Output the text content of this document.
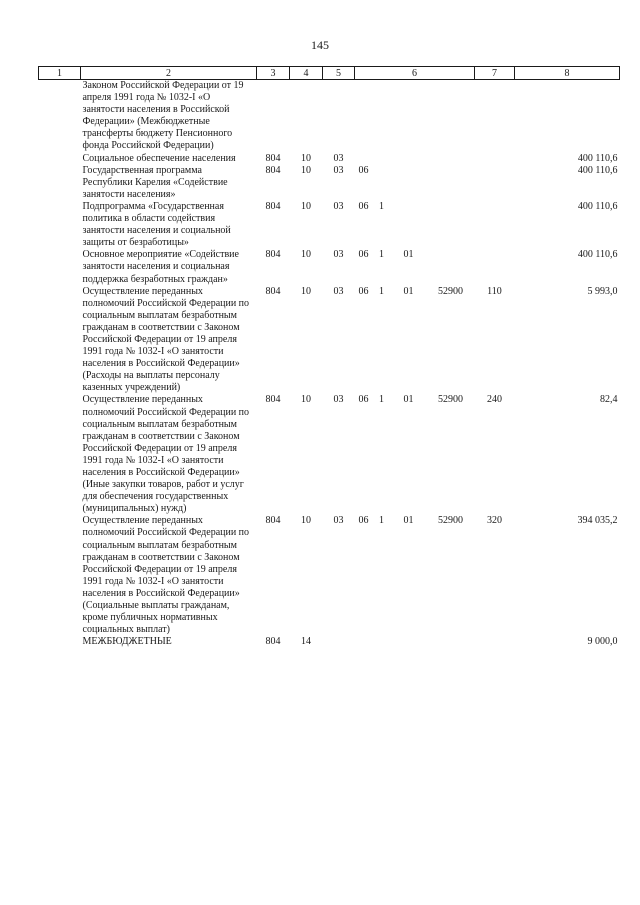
145
1	2	3	4	5	6				7	8
	Законом Российской Федерации от 19 апреля 1991 года № 1032-I «О занятости населения в Российской Федерации» (Межбюджетные трансферты бюджету Пенсионного фонда Российской Федерации)									
	Социальное обеспечение населения	804	10	03						400 110,6
	Государственная программа Республики Карелия «Содействие занятости населения»	804	10	03	06					400 110,6
	Подпрограмма «Государственная политика в области содействия занятости населения и социальной защиты от безработицы»	804	10	03	06	1				400 110,6
	Основное мероприятие «Содействие занятости населения и социальная поддержка безработных граждан»	804	10	03	06	1	01			400 110,6
	Осуществление переданных полномочий Российской Федерации по социальным выплатам безработным гражданам в соответствии с Законом Российской Федерации от 19 апреля 1991 года № 1032-I «О занятости населения в Российской Федерации» (Расходы на выплаты персоналу казенных учреждений)	804	10	03	06	1	01	52900	110	5 993,0
	Осуществление переданных полномочий Российской Федерации по социальным выплатам безработным гражданам в соответствии с Законом Российской Федерации от 19 апреля 1991 года № 1032-I «О занятости населения в Российской Федерации» (Иные закупки товаров, работ и услуг для обеспечения государственных (муниципальных) нужд)	804	10	03	06	1	01	52900	240	82,4
	Осуществление переданных полномочий Российской Федерации по социальным выплатам безработным гражданам в соответствии с Законом Российской Федерации от 19 апреля 1991 года № 1032-I «О занятости населения в Российской Федерации» (Социальные выплаты гражданам, кроме публичных нормативных социальных выплат)	804	10	03	06	1	01	52900	320	394 035,2
	МЕЖБЮДЖЕТНЫЕ	804	14							9 000,0
